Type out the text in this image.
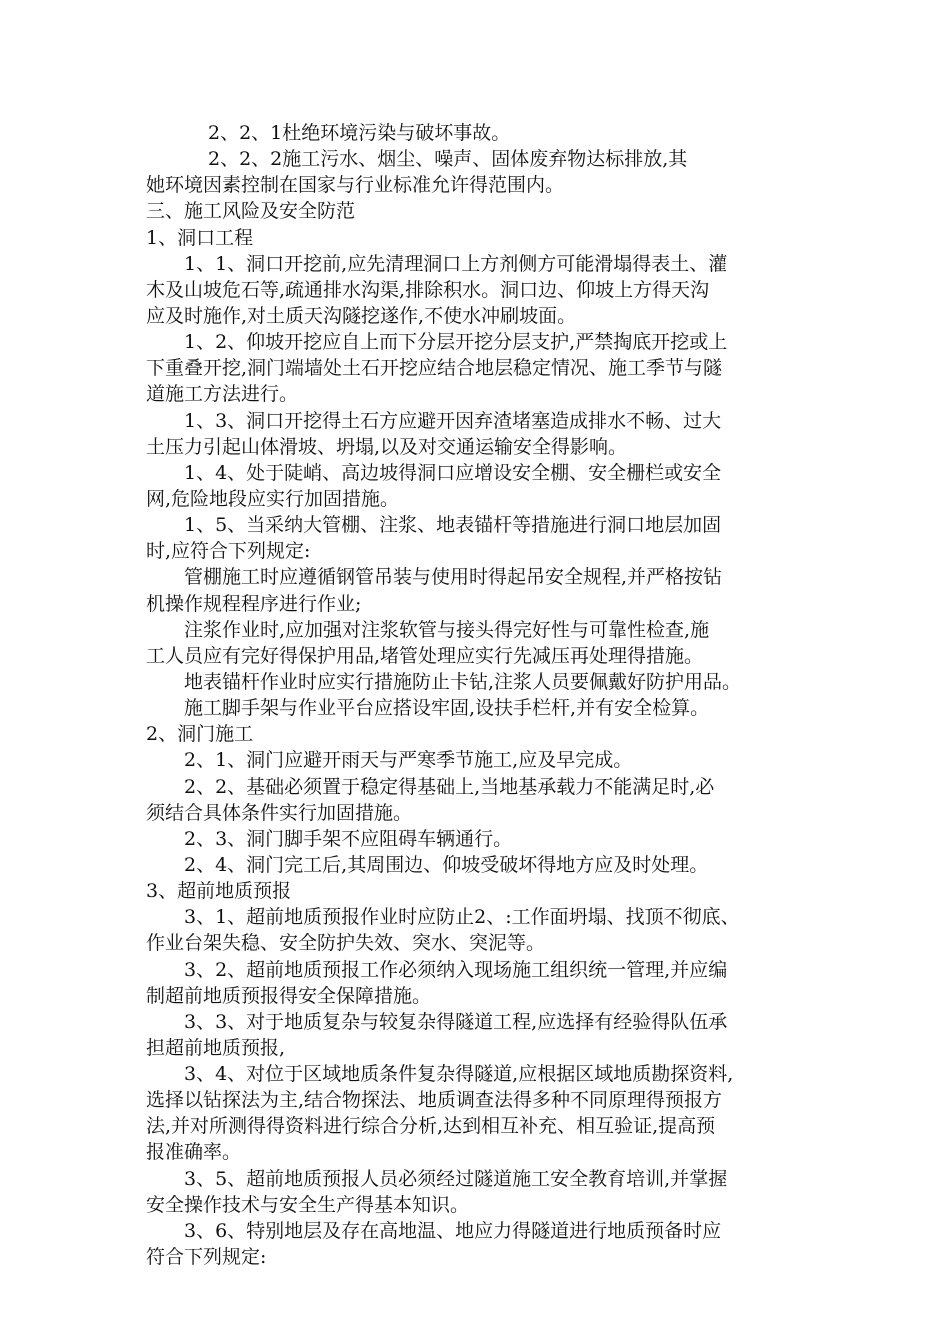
2、2、1杜绝环境污染与破坏事故。
2、2、2施工污水、烟尘、噪声、固体废弃物达标排放,其
她环境因素控制在国家与行业标准允许得范围内。
三、施工风险及安全防范
1、洞口工程
1、1、洞口开挖前,应先清理洞口上方剂侧方可能滑塌得表土、灌
木及山坡危石等,疏通排水沟渠,排除积水。洞口边、仰坡上方得天沟
应及时施作,对土质天沟隧挖遂作,不使水冲刷坡面。
1、2、仰坡开挖应自上而下分层开挖分层支护,严禁掏底开挖或上
下重叠开挖,洞门端墙处土石开挖应结合地层稳定情况、施工季节与隧
道施工方法进行。
1、3、洞口开挖得土石方应避开因弃渣堵塞造成排水不畅、过大
土压力引起山体滑坡、坍塌,以及对交通运输安全得影响。
1、4、处于陡峭、高边坡得洞口应增设安全棚、安全栅栏或安全
网,危险地段应实行加固措施。
1、5、当采纳大管棚、注浆、地表锚杆等措施进行洞口地层加固
时,应符合下列规定:
管棚施工时应遵循钢管吊装与使用时得起吊安全规程,并严格按钻
机操作规程程序进行作业;
注浆作业时,应加强对注浆软管与接头得完好性与可靠性检查,施
工人员应有完好得保护用品,堵管处理应实行先减压再处理得措施。
地表锚杆作业时应实行措施防止卡钻,注浆人员要佩戴好防护用品。
施工脚手架与作业平台应搭设牢固,设扶手栏杆,并有安全检算。
2、洞门施工
2、1、洞门应避开雨天与严寒季节施工,应及早完成。
2、2、基础必须置于稳定得基础上,当地基承载力不能满足时,必
须结合具体条件实行加固措施。
2、3、洞门脚手架不应阻碍车辆通行。
2、4、洞门完工后,其周围边、仰坡受破坏得地方应及时处理。
3、超前地质预报
3、1、超前地质预报作业时应防止2、:工作面坍塌、找顶不彻底、
作业台架失稳、安全防护失效、突水、突泥等。
3、2、超前地质预报工作必须纳入现场施工组织统一管理,并应编
制超前地质预报得安全保障措施。
3、3、对于地质复杂与较复杂得隧道工程,应选择有经验得队伍承
担超前地质预报,
3、4、对位于区域地质条件复杂得隧道,应根据区域地质勘探资料,
选择以钻探法为主,结合物探法、地质调查法得多种不同原理得预报方
法,并对所测得得资料进行综合分析,达到相互补充、相互验证,提高预
报准确率。
3、5、超前地质预报人员必须经过隧道施工安全教育培训,并掌握
安全操作技术与安全生产得基本知识。
3、6、特别地层及存在高地温、地应力得隧道进行地质预备时应
符合下列规定:
